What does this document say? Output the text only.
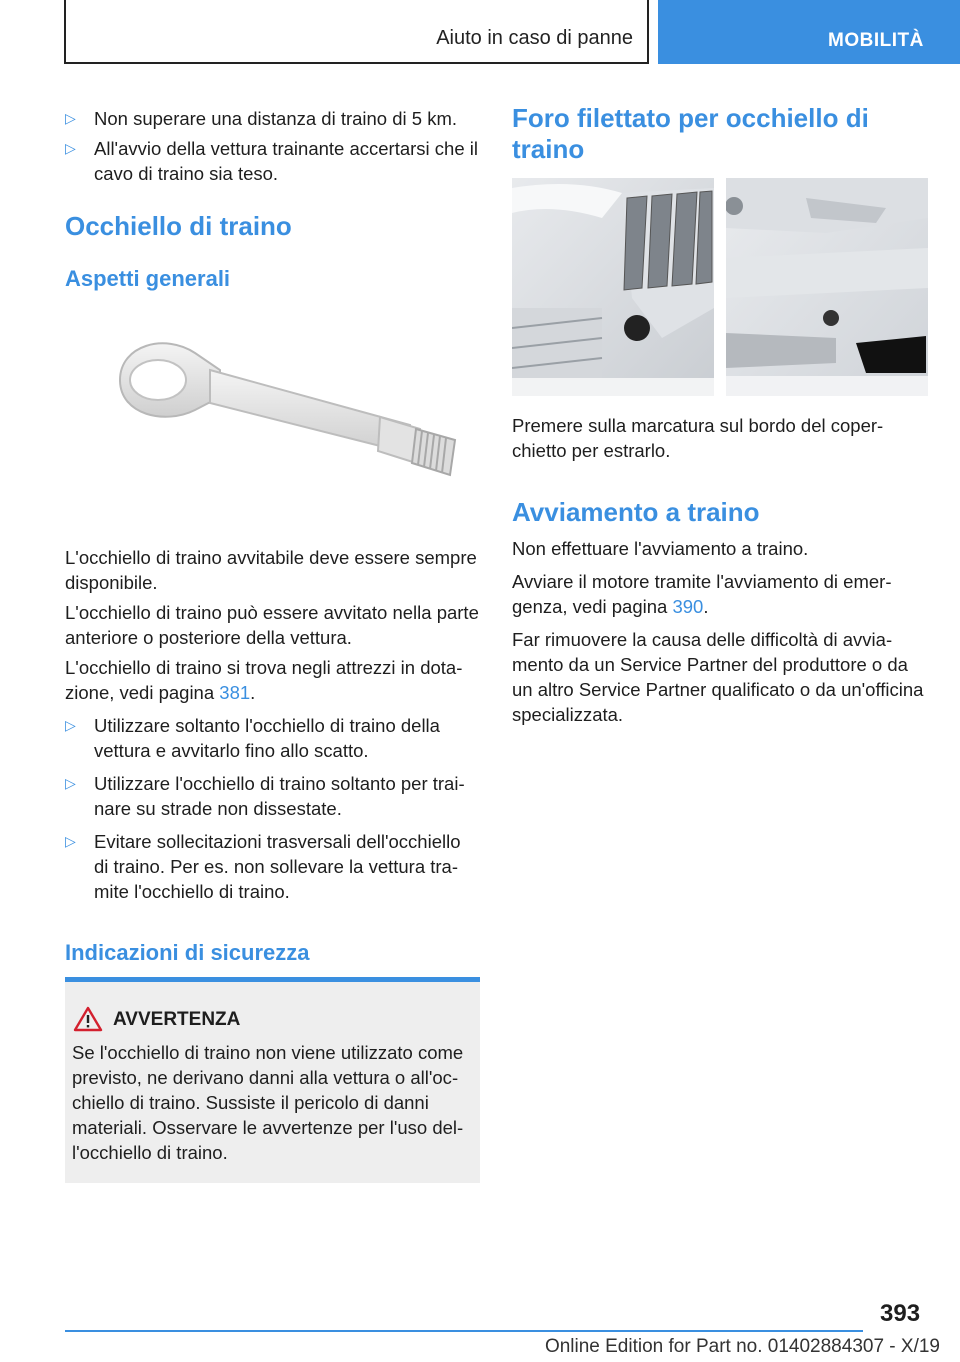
Aiuto in caso di panne	MOBILITÀ
▷ Non superare una distanza di traino di 5 km.
▷ All'avvio della vettura trainante accertarsi che il cavo di traino sia teso.
Occhiello di traino
Aspetti generali

L'occhiello di traino avvitabile deve essere sempre disponibile.

L'occhiello di traino può essere avvitato nella parte anteriore o posteriore della vettura.

L'occhiello di traino si trova negli attrezzi in dotazione, vedi pagina 381.

▷ Utilizzare soltanto l'occhiello di traino della vettura e avvitarlo fino allo scatto.
▷ Utilizzare l'occhiello di traino soltanto per trainare su strade non dissestate.
▷ Evitare sollecitazioni trasversali dell'occhiello di traino. Per es. non sollevare la vettura tramite l'occhiello di traino.
Indicazioni di sicurezza
AVVERTENZA
Se l'occhiello di traino non viene utilizzato come previsto, ne derivano danni alla vettura o all'occhiello di traino. Sussiste il pericolo di danni materiali. Osservare le avvertenze per l'uso dell'occhiello di traino.
Foro filettato per occhiello di traino

Premere sulla marcatura sul bordo del coperchietto per estrarlo.

Avviamento a traino

Non effettuare l'avviamento a traino.

Avviare il motore tramite l'avviamento di emergenza, vedi pagina 390.

Far rimuovere la causa delle difficoltà di avviamento da un Service Partner del produttore o da un altro Service Partner qualificato o da un'officina specializzata.

393
Online Edition for Part no. 01402884307 - X/19
